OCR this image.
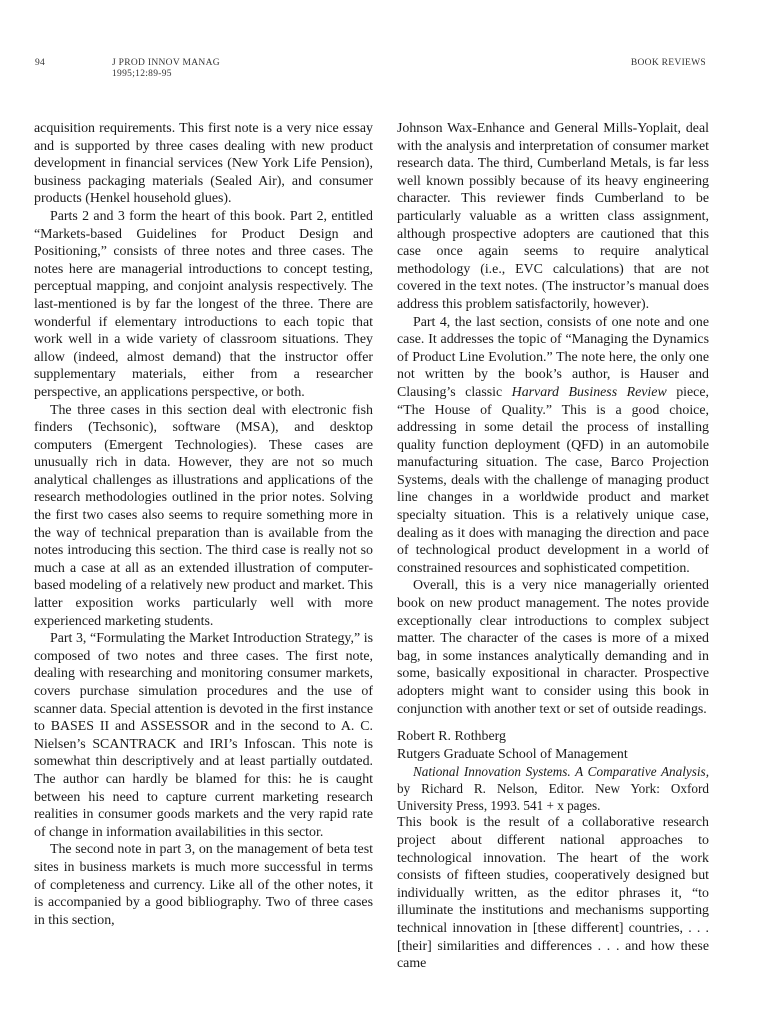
94	J PROD INNOV MANAG
1995;12:89-95
BOOK REVIEWS

acquisition requirements. This first note is a very nice essay and is supported by three cases dealing with new product development in financial services (New York Life Pension), business packaging materials (Sealed Air), and consumer products (Henkel household glues).

Parts 2 and 3 form the heart of this book. Part 2, entitled “Markets-based Guidelines for Product Design and Positioning,” consists of three notes and three cases. The notes here are managerial introductions to concept testing, perceptual mapping, and conjoint analysis respectively. The last-mentioned is by far the longest of the three. There are wonderful if elementary introductions to each topic that work well in a wide variety of classroom situations. They allow (indeed, almost demand) that the instructor offer supplementary materials, either from a researcher perspective, an applications perspective, or both.

The three cases in this section deal with electronic fish finders (Techsonic), software (MSA), and desktop computers (Emergent Technologies). These cases are unusually rich in data. However, they are not so much analytical challenges as illustrations and applications of the research methodologies outlined in the prior notes. Solving the first two cases also seems to require something more in the way of technical preparation than is available from the notes introducing this section. The third case is really not so much a case at all as an extended illustration of computer-based modeling of a relatively new product and market. This latter exposition works particularly well with more experienced marketing students.

Part 3, “Formulating the Market Introduction Strategy,” is composed of two notes and three cases. The first note, dealing with researching and monitoring consumer markets, covers purchase simulation procedures and the use of scanner data. Special attention is devoted in the first instance to BASES II and ASSESSOR and in the second to A. C. Nielsen’s SCANTRACK and IRI’s Infoscan. This note is somewhat thin descriptively and at least partially outdated. The author can hardly be blamed for this: he is caught between his need to capture current marketing research realities in consumer goods markets and the very rapid rate of change in information availabilities in this sector.

The second note in part 3, on the management of beta test sites in business markets is much more successful in terms of completeness and currency. Like all of the other notes, it is accompanied by a good bibliography. Two of three cases in this section,

Johnson Wax-Enhance and General Mills-Yoplait, deal with the analysis and interpretation of consumer market research data. The third, Cumberland Metals, is far less well known possibly because of its heavy engineering character. This reviewer finds Cumberland to be particularly valuable as a written class assignment, although prospective adopters are cautioned that this case once again seems to require analytical methodology (i.e., EVC calculations) that are not covered in the text notes. (The instructor’s manual does address this problem satisfactorily, however).

Part 4, the last section, consists of one note and one case. It addresses the topic of “Managing the Dynamics of Product Line Evolution.” The note here, the only one not written by the book’s author, is Hauser and Clausing’s classic Harvard Business Review piece, “The House of Quality.” This is a good choice, addressing in some detail the process of installing quality function deployment (QFD) in an automobile manufacturing situation. The case, Barco Projection Systems, deals with the challenge of managing product line changes in a worldwide product and market specialty situation. This is a relatively unique case, dealing as it does with managing the direction and pace of technological product development in a world of constrained resources and sophisticated competition.

Overall, this is a very nice managerially oriented book on new product management. The notes provide exceptionally clear introductions to complex subject matter. The character of the cases is more of a mixed bag, in some instances analytically demanding and in some, basically expositional in character. Prospective adopters might want to consider using this book in conjunction with another text or set of outside readings.

Robert R. Rothberg
Rutgers Graduate School of Management

National Innovation Systems. A Comparative Analysis, by Richard R. Nelson, Editor. New York: Oxford University Press, 1993. 541 + x pages.

This book is the result of a collaborative research project about different national approaches to technological innovation. The heart of the work consists of fifteen studies, cooperatively designed but individually written, as the editor phrases it, “to illuminate the institutions and mechanisms supporting technical innovation in [these different] countries, . . . [their] similarities and differences . . . and how these came
